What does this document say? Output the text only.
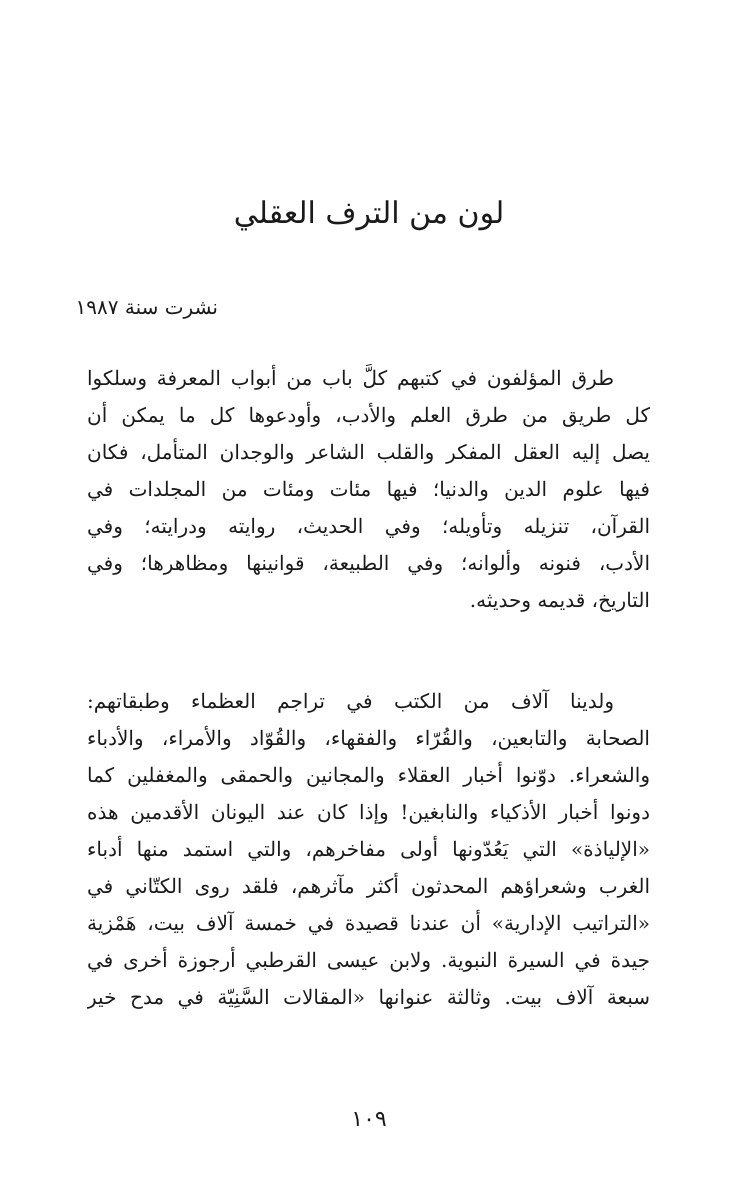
لون من الترف العقلي
نشرت سنة ١٩٨٧
طرق المؤلفون في كتبهم كلَّ باب من أبواب المعرفة وسلكوا
كل طريق من طرق العلم والأدب، وأودعوها كل ما يمكن أن
يصل إليه العقل المفكر والقلب الشاعر والوجدان المتأمل، فكان
فيها علوم الدين والدنيا؛ فيها مئات ومئات من المجلدات في
القرآن، تنزيله وتأويله؛ وفي الحديث، روايته ودرايته؛ وفي
الأدب، فنونه وألوانه؛ وفي الطبيعة، قوانينها ومظاهرها؛ وفي
التاريخ، قديمه وحديثه.
ولدينا آلاف من الكتب في تراجم العظماء وطبقاتهم:
الصحابة والتابعين، والقُرّاء والفقهاء، والقُوّاد والأمراء، والأدباء
والشعراء. دوّنوا أخبار العقلاء والمجانين والحمقى والمغفلين كما
دونوا أخبار الأذكياء والنابغين! وإذا كان عند اليونان الأقدمين هذه
«الإلياذة» التي يَعُدّونها أولى مفاخرهم، والتي استمد منها أدباء
الغرب وشعراؤهم المحدثون أكثر مآثرهم، فلقد روى الكتّاني في
«التراتيب الإدارية» أن عندنا قصيدة في خمسة آلاف بيت، هَمْزية
جيدة في السيرة النبوية. ولابن عيسى القرطبي أرجوزة أخرى في
سبعة آلاف بيت. وثالثة عنوانها «المقالات السَّنِيّة في مدح خير
١٠٩
